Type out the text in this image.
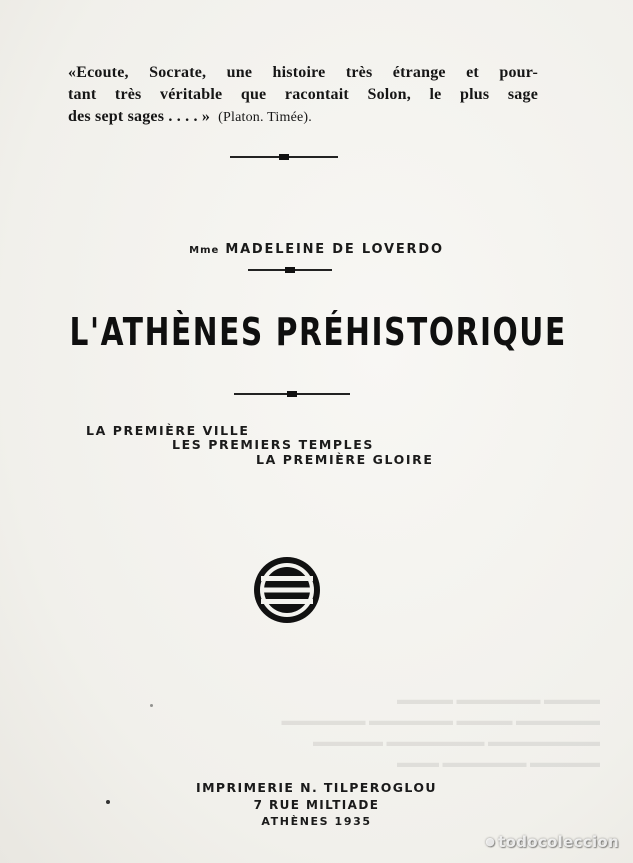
«Ecoute, Socrate, une histoire très étrange et pour-
tant très véritable que racontait Solon, le plus sage
des sept sages . . . . » (Platon. Timée).
Mme MADELEINE DE LOVERDO
L'ATHÈNES PRÉHISTORIQUE
LA PREMIÈRE VILLE
LES PREMIERS TEMPLES
LA PREMIÈRE GLOIRE
▬▬▬▬ ▬▬▬▬▬▬ ▬▬▬▬
▬▬▬▬▬▬ ▬▬▬▬▬▬ ▬▬▬▬ ▬▬▬▬▬▬
▬▬▬▬▬ ▬▬▬▬▬▬▬ ▬▬▬▬▬▬▬▬
▬▬▬ ▬▬▬▬▬▬ ▬▬▬▬▬
IMPRIMERIE N. TILPEROGLOU
7 RUE MILTIADE
ATHÈNES 1935
● todocoleccion
